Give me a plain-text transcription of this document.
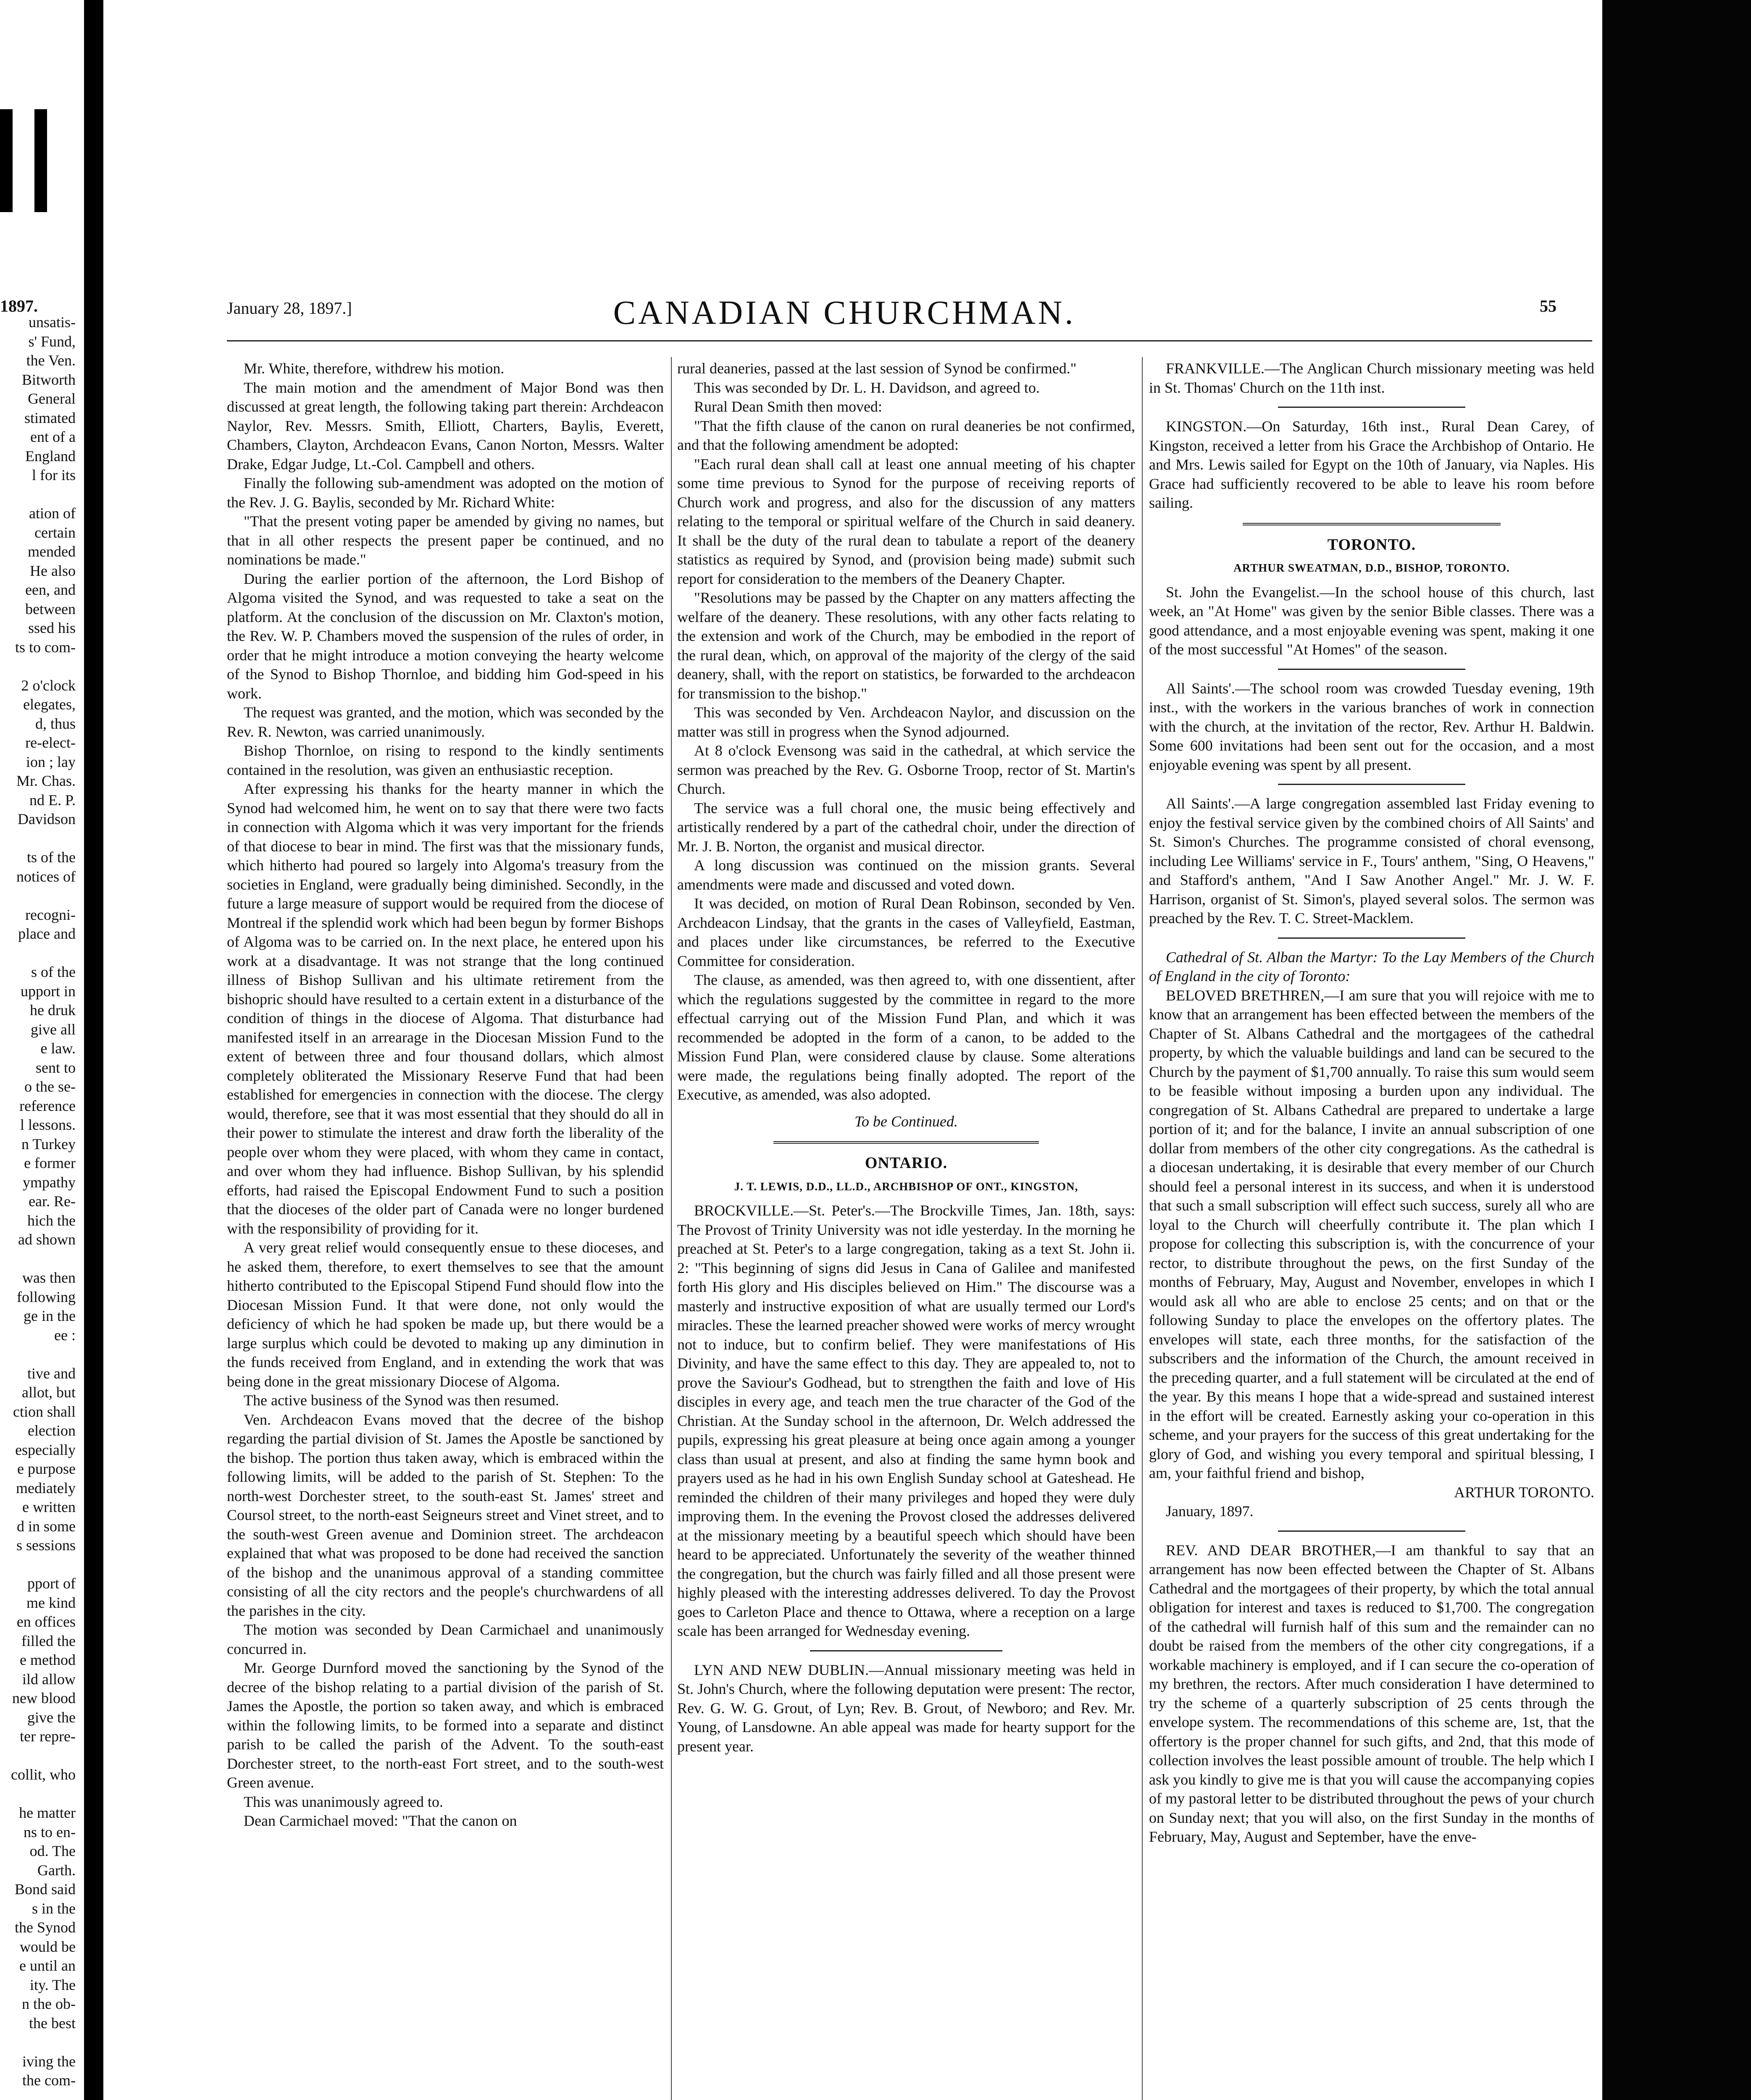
1897.	January 28, 1897.]	CANADIAN CHURCHMAN.	55
unsatis-
s' Fund,
the Ven.
Bitworth
General
stimated
ent of a
England
l for its

ation of
certain
mended
He also
een, and
between
ssed his
ts to com-

2 o'clock
elegates,
d, thus
re-elect-
ion ; lay
Mr. Chas.
nd E. P.
Davidson

ts of the
notices of

recogni-
place and

s of the
upport in
he druk
give all
e law.
sent to
o the se-
reference
l lessons.
n Turkey
e former
ympathy
ear. Re-
hich the
ad shown

was then
following
ge in the
ee :

tive and
allot, but
ction shall
election
especially
e purpose
mediately
e written
d in some
s sessions

pport of
me kind
en offices
filled the
e method
ild allow
new blood
give the
ter repre-

collit, who

he matter
ns to en-
od. The
Garth.
Bond said
s in the
the Synod
would be
e until an
ity. The
n the ob-
the best

iving the
the com-

Mr. White, therefore, withdrew his motion.

The main motion and the amendment of Major Bond was then discussed at great length, the following taking part therein: Archdeacon Naylor, Rev. Messrs. Smith, Elliott, Charters, Baylis, Everett, Chambers, Clayton, Archdeacon Evans, Canon Norton, Messrs. Walter Drake, Edgar Judge, Lt.-Col. Campbell and others.

Finally the following sub-amendment was adopted on the motion of the Rev. J. G. Baylis, seconded by Mr. Richard White:

"That the present voting paper be amended by giving no names, but that in all other respects the present paper be continued, and no nominations be made."

During the earlier portion of the afternoon, the Lord Bishop of Algoma visited the Synod, and was requested to take a seat on the platform. At the conclusion of the discussion on Mr. Claxton's motion, the Rev. W. P. Chambers moved the suspension of the rules of order, in order that he might introduce a motion conveying the hearty welcome of the Synod to Bishop Thornloe, and bidding him God-speed in his work.

The request was granted, and the motion, which was seconded by the Rev. R. Newton, was carried unanimously.

Bishop Thornloe, on rising to respond to the kindly sentiments contained in the resolution, was given an enthusiastic reception.

After expressing his thanks for the hearty manner in which the Synod had welcomed him, he went on to say that there were two facts in connection with Algoma which it was very important for the friends of that diocese to bear in mind. The first was that the missionary funds, which hitherto had poured so largely into Algoma's treasury from the societies in England, were gradually being diminished. Secondly, in the future a large measure of support would be required from the diocese of Montreal if the splendid work which had been begun by former Bishops of Algoma was to be carried on. In the next place, he entered upon his work at a disadvantage. It was not strange that the long continued illness of Bishop Sullivan and his ultimate retirement from the bishopric should have resulted to a certain extent in a disturbance of the condition of things in the diocese of Algoma. That disturbance had manifested itself in an arrearage in the Diocesan Mission Fund to the extent of between three and four thousand dollars, which almost completely obliterated the Missionary Reserve Fund that had been established for emergencies in connection with the diocese. The clergy would, therefore, see that it was most essential that they should do all in their power to stimulate the interest and draw forth the liberality of the people over whom they were placed, with whom they came in contact, and over whom they had influence. Bishop Sullivan, by his splendid efforts, had raised the Episcopal Endowment Fund to such a position that the dioceses of the older part of Canada were no longer burdened with the responsibility of providing for it.

A very great relief would consequently ensue to these dioceses, and he asked them, therefore, to exert themselves to see that the amount hitherto contributed to the Episcopal Stipend Fund should flow into the Diocesan Mission Fund. It that were done, not only would the deficiency of which he had spoken be made up, but there would be a large surplus which could be devoted to making up any diminution in the funds received from England, and in extending the work that was being done in the great missionary Diocese of Algoma.

The active business of the Synod was then resumed.

Ven. Archdeacon Evans moved that the decree of the bishop regarding the partial division of St. James the Apostle be sanctioned by the bishop. The portion thus taken away, which is embraced within the following limits, will be added to the parish of St. Stephen: To the north-west Dorchester street, to the south-east St. James' street and Coursol street, to the north-east Seigneurs street and Vinet street, and to the south-west Green avenue and Dominion street. The archdeacon explained that what was proposed to be done had received the sanction of the bishop and the unanimous approval of a standing committee consisting of all the city rectors and the people's churchwardens of all the parishes in the city.

The motion was seconded by Dean Carmichael and unanimously concurred in.

Mr. George Durnford moved the sanctioning by the Synod of the decree of the bishop relating to a partial division of the parish of St. James the Apostle, the portion so taken away, and which is embraced within the following limits, to be formed into a separate and distinct parish to be called the parish of the Advent. To the south-east Dorchester street, to the north-east Fort street, and to the south-west Green avenue.

This was unanimously agreed to.

Dean Carmichael moved: "That the canon on

rural deaneries, passed at the last session of Synod be confirmed."

This was seconded by Dr. L. H. Davidson, and agreed to.

Rural Dean Smith then moved:

"That the fifth clause of the canon on rural deaneries be not confirmed, and that the following amendment be adopted:

"Each rural dean shall call at least one annual meeting of his chapter some time previous to Synod for the purpose of receiving reports of Church work and progress, and also for the discussion of any matters relating to the temporal or spiritual welfare of the Church in said deanery. It shall be the duty of the rural dean to tabulate a report of the deanery statistics as required by Synod, and (provision being made) submit such report for consideration to the members of the Deanery Chapter.

"Resolutions may be passed by the Chapter on any matters affecting the welfare of the deanery. These resolutions, with any other facts relating to the extension and work of the Church, may be embodied in the report of the rural dean, which, on approval of the majority of the clergy of the said deanery, shall, with the report on statistics, be forwarded to the archdeacon for transmission to the bishop."

This was seconded by Ven. Archdeacon Naylor, and discussion on the matter was still in progress when the Synod adjourned.

At 8 o'clock Evensong was said in the cathedral, at which service the sermon was preached by the Rev. G. Osborne Troop, rector of St. Martin's Church.

The service was a full choral one, the music being effectively and artistically rendered by a part of the cathedral choir, under the direction of Mr. J. B. Norton, the organist and musical director.

A long discussion was continued on the mission grants. Several amendments were made and discussed and voted down.

It was decided, on motion of Rural Dean Robinson, seconded by Ven. Archdeacon Lindsay, that the grants in the cases of Valleyfield, Eastman, and places under like circumstances, be referred to the Executive Committee for consideration.

The clause, as amended, was then agreed to, with one dissentient, after which the regulations suggested by the committee in regard to the more effectual carrying out of the Mission Fund Plan, and which it was recommended be adopted in the form of a canon, to be added to the Mission Fund Plan, were considered clause by clause. Some alterations were made, the regulations being finally adopted. The report of the Executive, as amended, was also adopted.

To be Continued.

ONTARIO.

J. T. LEWIS, D.D., LL.D., ARCHBISHOP OF ONT., KINGSTON,

BROCKVILLE.—St. Peter's.—The Brockville Times, Jan. 18th, says: The Provost of Trinity University was not idle yesterday. In the morning he preached at St. Peter's to a large congregation, taking as a text St. John ii. 2: "This beginning of signs did Jesus in Cana of Galilee and manifested forth His glory and His disciples believed on Him." The discourse was a masterly and instructive exposition of what are usually termed our Lord's miracles. These the learned preacher showed were works of mercy wrought not to induce, but to confirm belief. They were manifestations of His Divinity, and have the same effect to this day. They are appealed to, not to prove the Saviour's Godhead, but to strengthen the faith and love of His disciples in every age, and teach men the true character of the God of the Christian. At the Sunday school in the afternoon, Dr. Welch addressed the pupils, expressing his great pleasure at being once again among a younger class than usual at present, and also at finding the same hymn book and prayers used as he had in his own English Sunday school at Gateshead. He reminded the children of their many privileges and hoped they were duly improving them. In the evening the Provost closed the addresses delivered at the missionary meeting by a beautiful speech which should have been heard to be appreciated. Unfortunately the severity of the weather thinned the congregation, but the church was fairly filled and all those present were highly pleased with the interesting addresses delivered. To day the Provost goes to Carleton Place and thence to Ottawa, where a reception on a large scale has been arranged for Wednesday evening.

LYN AND NEW DUBLIN.—Annual missionary meeting was held in St. John's Church, where the following deputation were present: The rector, Rev. G. W. G. Grout, of Lyn; Rev. B. Grout, of Newboro; and Rev. Mr. Young, of Lansdowne. An able appeal was made for hearty support for the present year.

FRANKVILLE.—The Anglican Church missionary meeting was held in St. Thomas' Church on the 11th inst.

KINGSTON.—On Saturday, 16th inst., Rural Dean Carey, of Kingston, received a letter from his Grace the Archbishop of Ontario. He and Mrs. Lewis sailed for Egypt on the 10th of January, via Naples. His Grace had sufficiently recovered to be able to leave his room before sailing.

TORONTO.

ARTHUR SWEATMAN, D.D., BISHOP, TORONTO.

St. John the Evangelist.—In the school house of this church, last week, an "At Home" was given by the senior Bible classes. There was a good attendance, and a most enjoyable evening was spent, making it one of the most successful "At Homes" of the season.

All Saints'.—The school room was crowded Tuesday evening, 19th inst., with the workers in the various branches of work in connection with the church, at the invitation of the rector, Rev. Arthur H. Baldwin. Some 600 invitations had been sent out for the occasion, and a most enjoyable evening was spent by all present.

All Saints'.—A large congregation assembled last Friday evening to enjoy the festival service given by the combined choirs of All Saints' and St. Simon's Churches. The programme consisted of choral evensong, including Lee Williams' service in F., Tours' anthem, "Sing, O Heavens," and Stafford's anthem, "And I Saw Another Angel." Mr. J. W. F. Harrison, organist of St. Simon's, played several solos. The sermon was preached by the Rev. T. C. Street-Macklem.

Cathedral of St. Alban the Martyr: To the Lay Members of the Church of England in the city of Toronto:

BELOVED BRETHREN,—I am sure that you will rejoice with me to know that an arrangement has been effected between the members of the Chapter of St. Albans Cathedral and the mortgagees of the cathedral property, by which the valuable buildings and land can be secured to the Church by the payment of $1,700 annually. To raise this sum would seem to be feasible without imposing a burden upon any individual. The congregation of St. Albans Cathedral are prepared to undertake a large portion of it; and for the balance, I invite an annual subscription of one dollar from members of the other city congregations. As the cathedral is a diocesan undertaking, it is desirable that every member of our Church should feel a personal interest in its success, and when it is understood that such a small subscription will effect such success, surely all who are loyal to the Church will cheerfully contribute it. The plan which I propose for collecting this subscription is, with the concurrence of your rector, to distribute throughout the pews, on the first Sunday of the months of February, May, August and November, envelopes in which I would ask all who are able to enclose 25 cents; and on that or the following Sunday to place the envelopes on the offertory plates. The envelopes will state, each three months, for the satisfaction of the subscribers and the information of the Church, the amount received in the preceding quarter, and a full statement will be circulated at the end of the year. By this means I hope that a wide-spread and sustained interest in the effort will be created. Earnestly asking your co-operation in this scheme, and your prayers for the success of this great undertaking for the glory of God, and wishing you every temporal and spiritual blessing, I am, your faithful friend and bishop,

ARTHUR TORONTO.

January, 1897.

REV. AND DEAR BROTHER,—I am thankful to say that an arrangement has now been effected between the Chapter of St. Albans Cathedral and the mortgagees of their property, by which the total annual obligation for interest and taxes is reduced to $1,700. The congregation of the cathedral will furnish half of this sum and the remainder can no doubt be raised from the members of the other city congregations, if a workable machinery is employed, and if I can secure the co-operation of my brethren, the rectors. After much consideration I have determined to try the scheme of a quarterly subscription of 25 cents through the envelope system. The recommendations of this scheme are, 1st, that the offertory is the proper channel for such gifts, and 2nd, that this mode of collection involves the least possible amount of trouble. The help which I ask you kindly to give me is that you will cause the accompanying copies of my pastoral letter to be distributed throughout the pews of your church on Sunday next; that you will also, on the first Sunday in the months of February, May, August and September, have the enve-
